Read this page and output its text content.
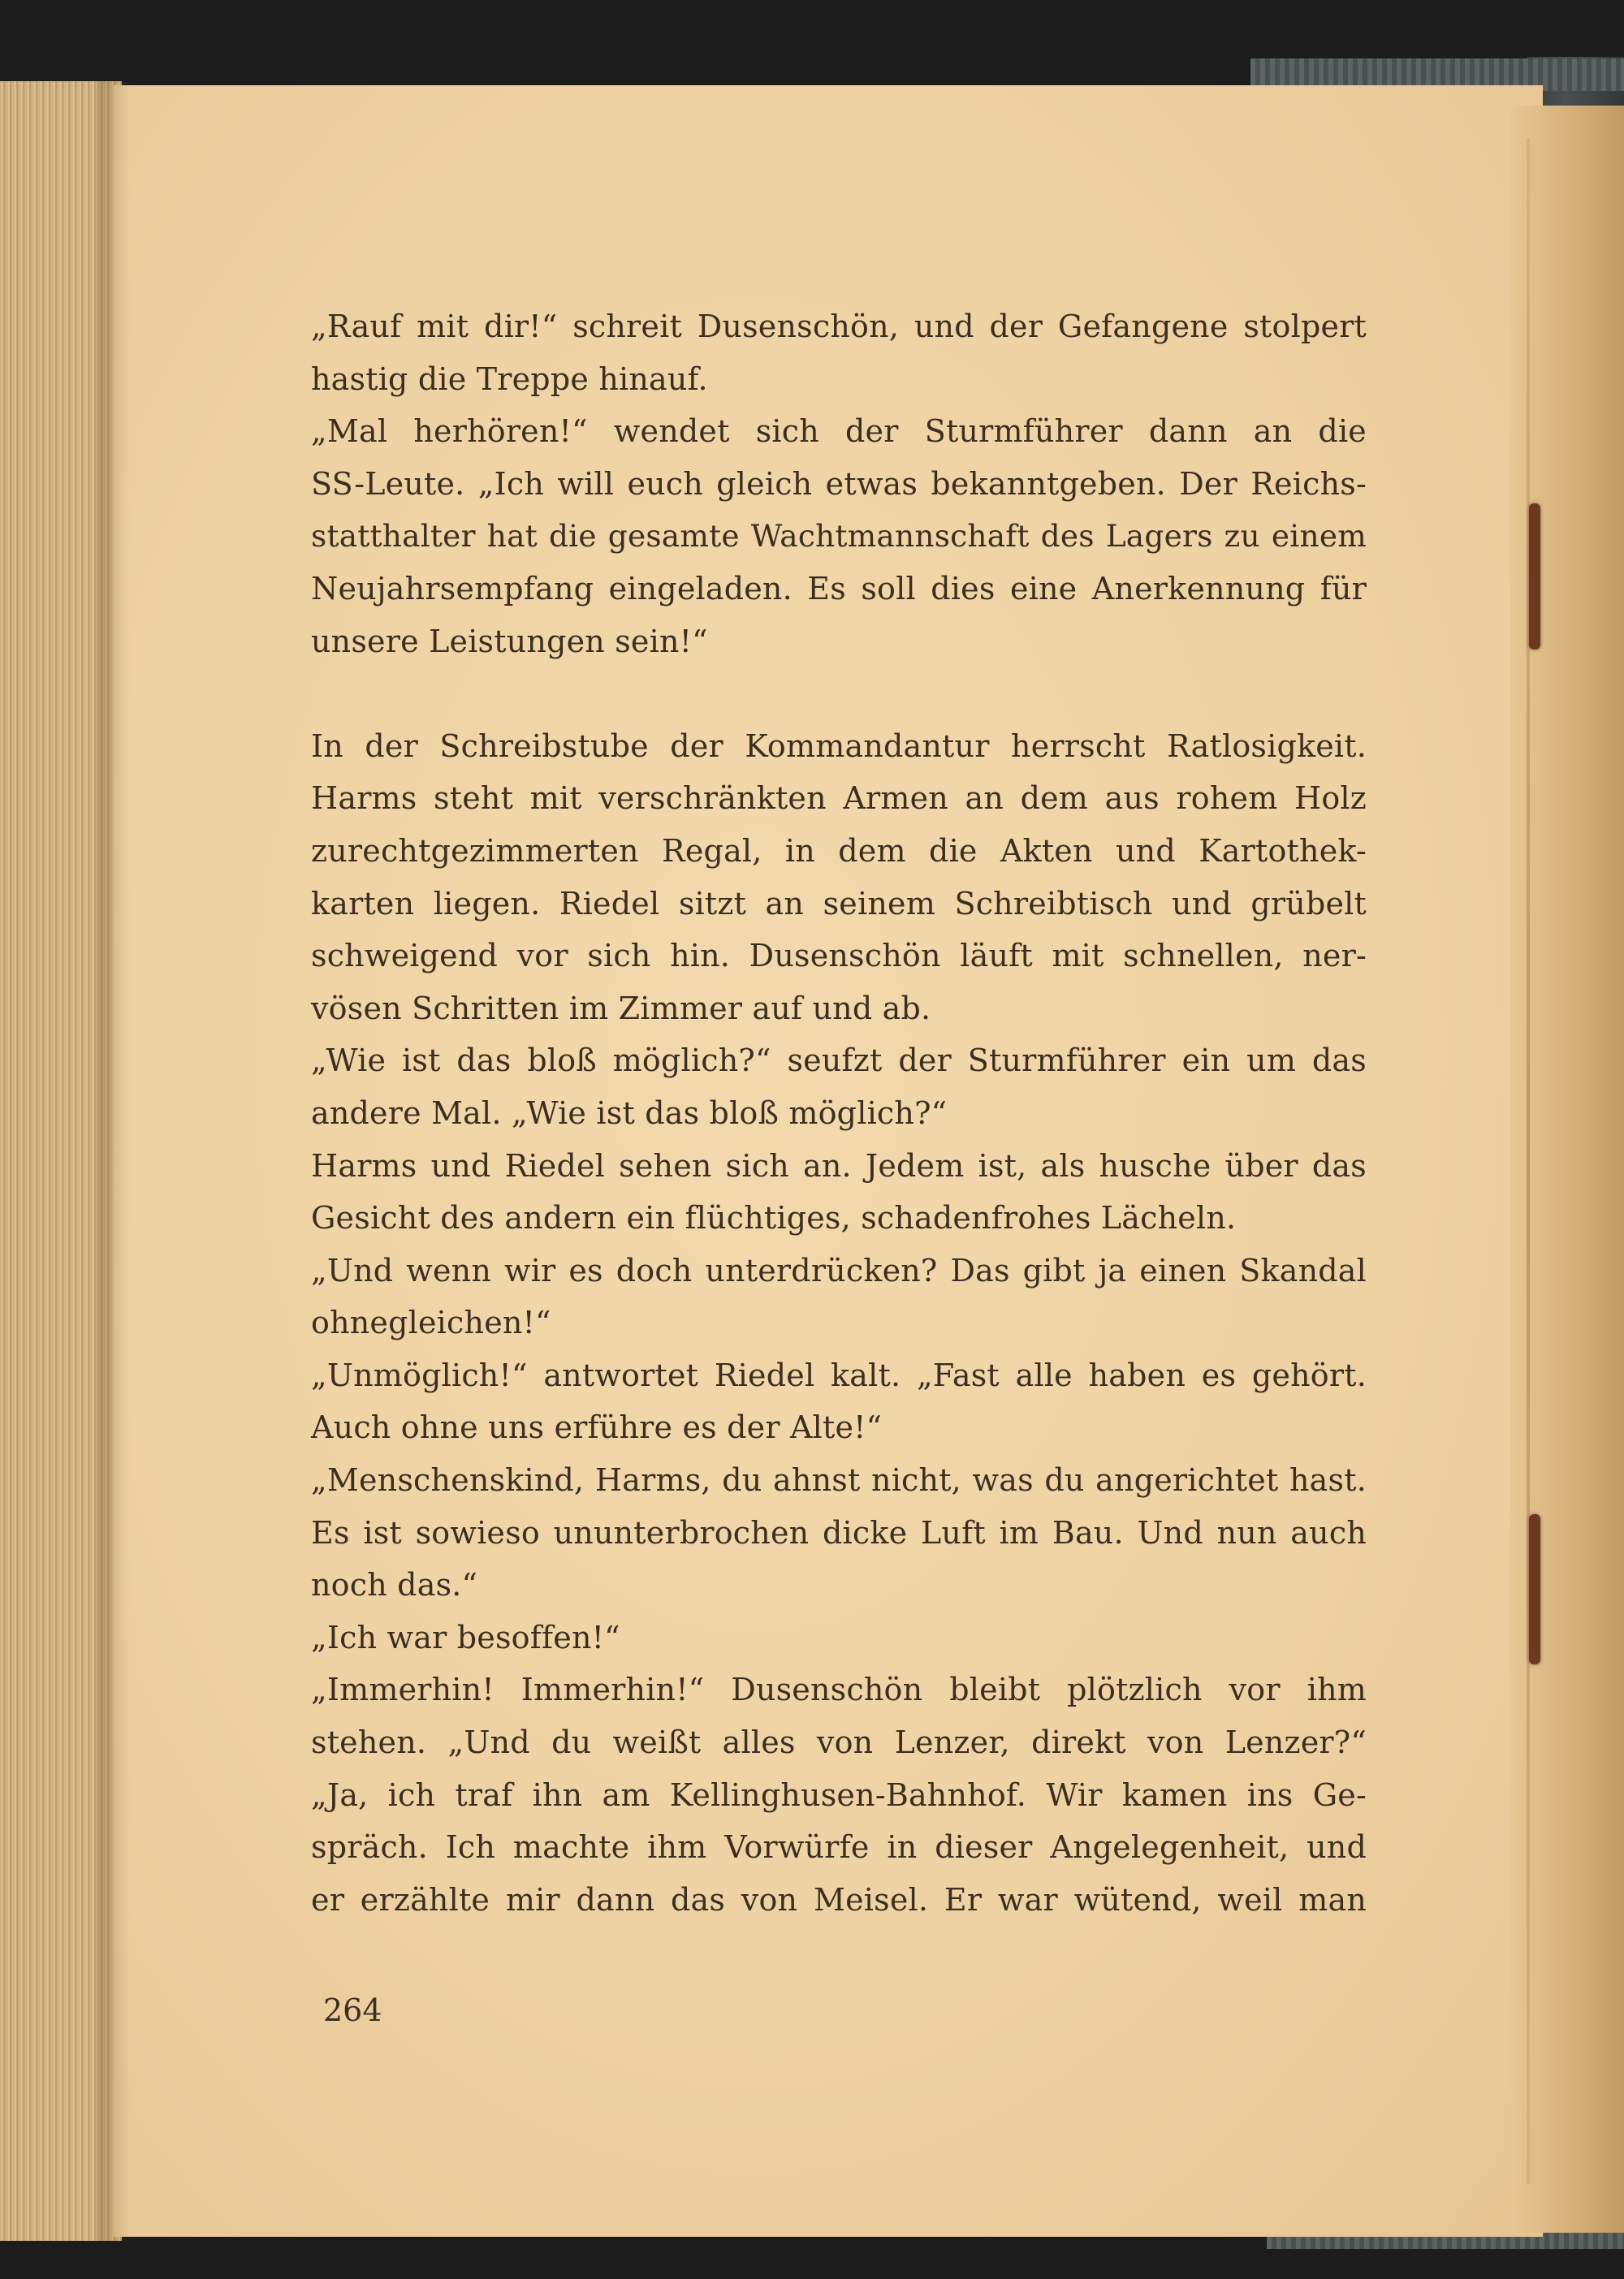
„Rauf mit dir!“ schreit Dusenschön, und der Gefangene stolpert
hastig die Treppe hinauf.
„Mal herhören!“ wendet sich der Sturmführer dann an die
SS-Leute. „Ich will euch gleich etwas bekanntgeben. Der Reichs-
statthalter hat die gesamte Wachtmannschaft des Lagers zu einem
Neujahrsempfang eingeladen. Es soll dies eine Anerkennung für
unsere Leistungen sein!“
In der Schreibstube der Kommandantur herrscht Ratlosigkeit.
Harms steht mit verschränkten Armen an dem aus rohem Holz
zurechtgezimmerten Regal, in dem die Akten und Kartothek-
karten liegen. Riedel sitzt an seinem Schreibtisch und grübelt
schweigend vor sich hin. Dusenschön läuft mit schnellen, ner-
vösen Schritten im Zimmer auf und ab.
„Wie ist das bloß möglich?“ seufzt der Sturmführer ein um das
andere Mal. „Wie ist das bloß möglich?“
Harms und Riedel sehen sich an. Jedem ist, als husche über das
Gesicht des andern ein flüchtiges, schadenfrohes Lächeln.
„Und wenn wir es doch unterdrücken? Das gibt ja einen Skandal
ohnegleichen!“
„Unmöglich!“ antwortet Riedel kalt. „Fast alle haben es gehört.
Auch ohne uns erführe es der Alte!“
„Menschenskind, Harms, du ahnst nicht, was du angerichtet hast.
Es ist sowieso ununterbrochen dicke Luft im Bau. Und nun auch
noch das.“
„Ich war besoffen!“
„Immerhin! Immerhin!“ Dusenschön bleibt plötzlich vor ihm
stehen. „Und du weißt alles von Lenzer, direkt von Lenzer?“
„Ja, ich traf ihn am Kellinghusen-Bahnhof. Wir kamen ins Ge-
spräch. Ich machte ihm Vorwürfe in dieser Angelegenheit, und
er erzählte mir dann das von Meisel. Er war wütend, weil man
264
